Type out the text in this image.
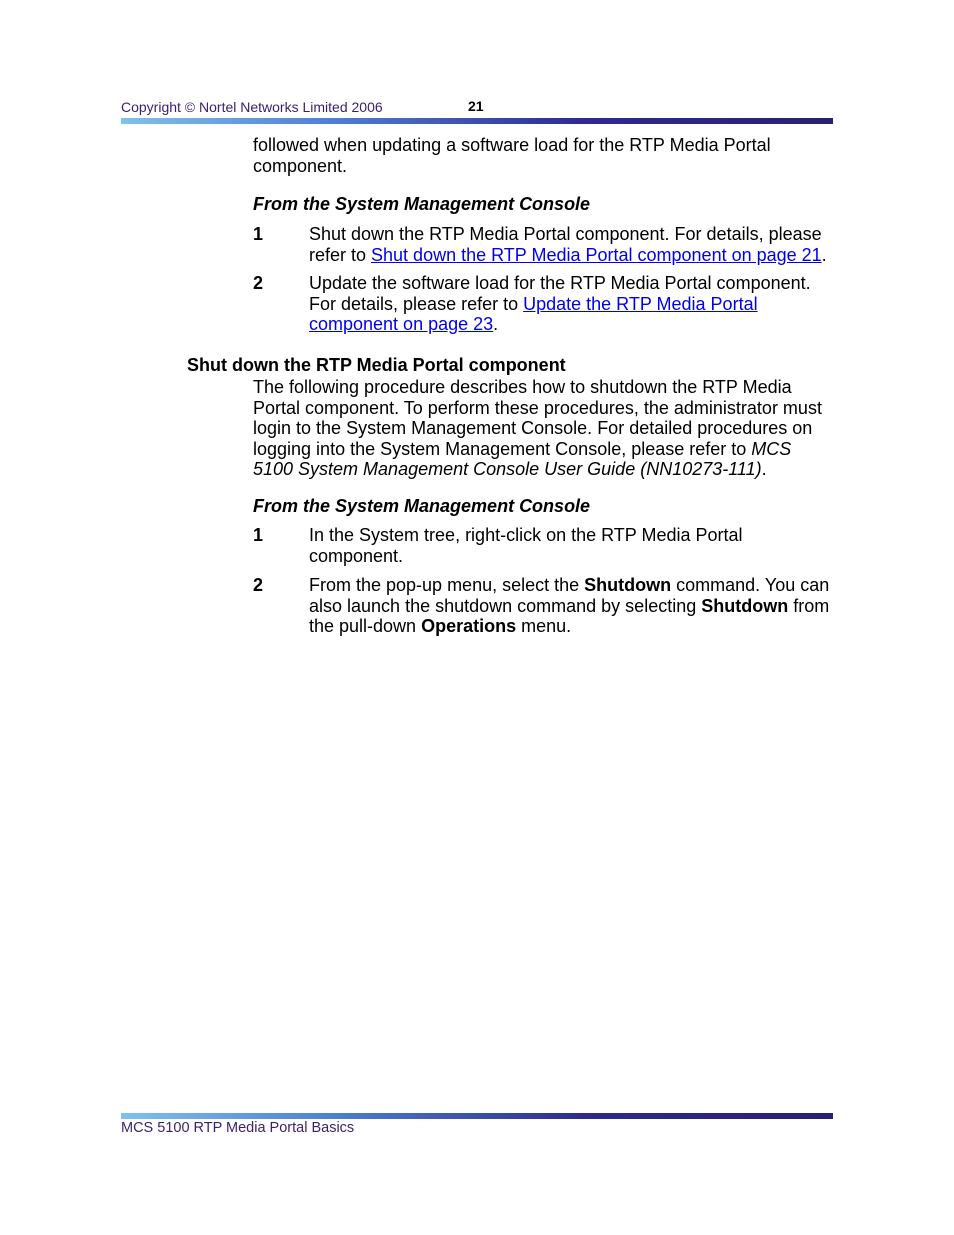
Copyright © Nortel Networks Limited 2006	21

followed when updating a software load for the RTP Media Portal component.

From the System Management Console

1	Shut down the RTP Media Portal component. For details, please refer to Shut down the RTP Media Portal component on page 21.

2	Update the software load for the RTP Media Portal component. For details, please refer to Update the RTP Media Portal component on page 23.

Shut down the RTP Media Portal component

The following procedure describes how to shutdown the RTP Media Portal component. To perform these procedures, the administrator must login to the System Management Console. For detailed procedures on logging into the System Management Console, please refer to MCS 5100 System Management Console User Guide (NN10273-111).

From the System Management Console

1	In the System tree, right-click on the RTP Media Portal component.

2	From the pop-up menu, select the Shutdown command. You can also launch the shutdown command by selecting Shutdown from the pull-down Operations menu.

MCS 5100 RTP Media Portal Basics
